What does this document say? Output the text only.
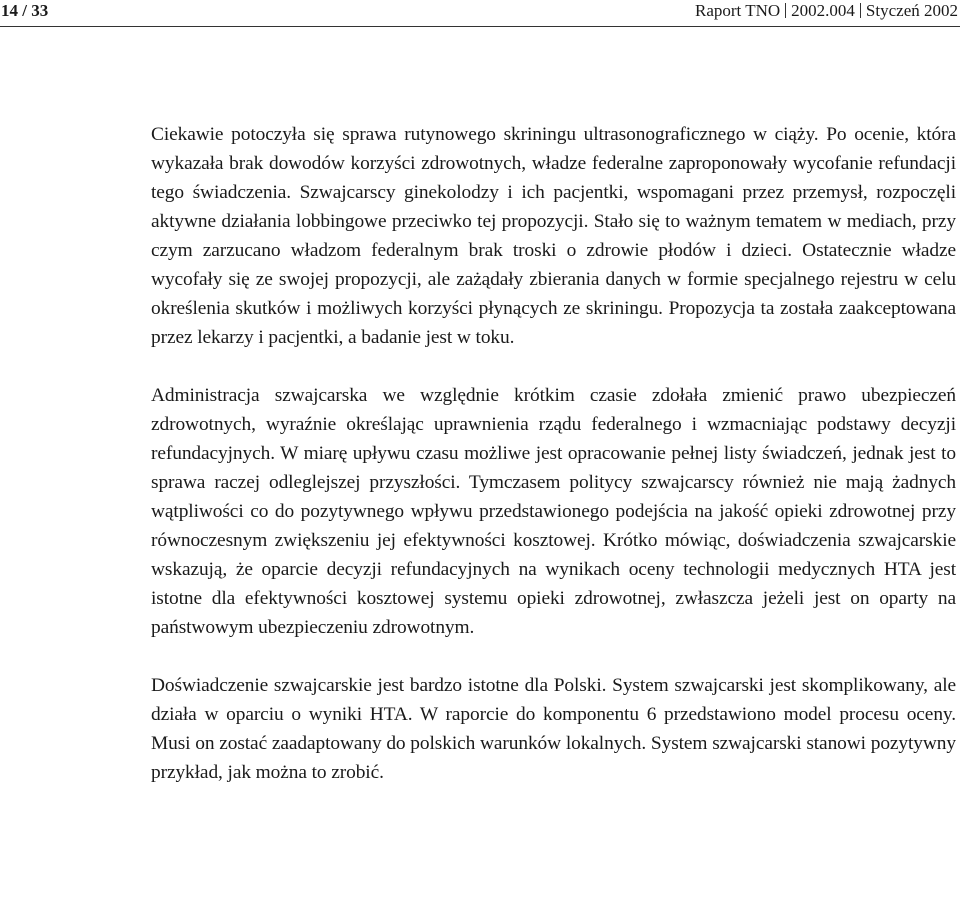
14 / 33	Raport TNO 2002.004 Styczeń 2002

Ciekawie potoczyła się sprawa rutynowego skriningu ultrasonograficznego w ciąży. Po ocenie, która wykazała brak dowodów korzyści zdrowotnych, władze federalne zaproponowały wycofanie refundacji tego świadczenia. Szwajcarscy ginekolodzy i ich pacjentki, wspomagani przez przemysł, rozpoczęli aktywne działania lobbingowe przeciwko tej propozycji. Stało się to ważnym tematem w mediach, przy czym zarzucano władzom federalnym brak troski o zdrowie płodów i dzieci. Ostatecznie władze wycofały się ze swojej propozycji, ale zażądały zbierania danych w formie specjalnego rejestru w celu określenia skutków i możliwych korzyści płynących ze skriningu. Propozycja ta została zaakceptowana przez lekarzy i pacjentki, a badanie jest w toku.

Administracja szwajcarska we względnie krótkim czasie zdołała zmienić prawo ubezpieczeń zdrowotnych, wyraźnie określając uprawnienia rządu federalnego i wzmacniając podstawy decyzji refundacyjnych. W miarę upływu czasu możliwe jest opracowanie pełnej listy świadczeń, jednak jest to sprawa raczej odleglejszej przyszłości. Tymczasem politycy szwajcarscy również nie mają żadnych wątpliwości co do pozytywnego wpływu przedstawionego podejścia na jakość opieki zdrowotnej przy równoczesnym zwiększeniu jej efektywności kosztowej. Krótko mówiąc, doświadczenia szwajcarskie wskazują, że oparcie decyzji refundacyjnych na wynikach oceny technologii medycznych HTA jest istotne dla efektywności kosztowej systemu opieki zdrowotnej, zwłaszcza jeżeli jest on oparty na państwowym ubezpieczeniu zdrowotnym.

Doświadczenie szwajcarskie jest bardzo istotne dla Polski. System szwajcarski jest skomplikowany, ale działa w oparciu o wyniki HTA. W raporcie do komponentu 6 przedstawiono model procesu oceny. Musi on zostać zaadaptowany do polskich warunków lokalnych. System szwajcarski stanowi pozytywny przykład, jak można to zrobić.
